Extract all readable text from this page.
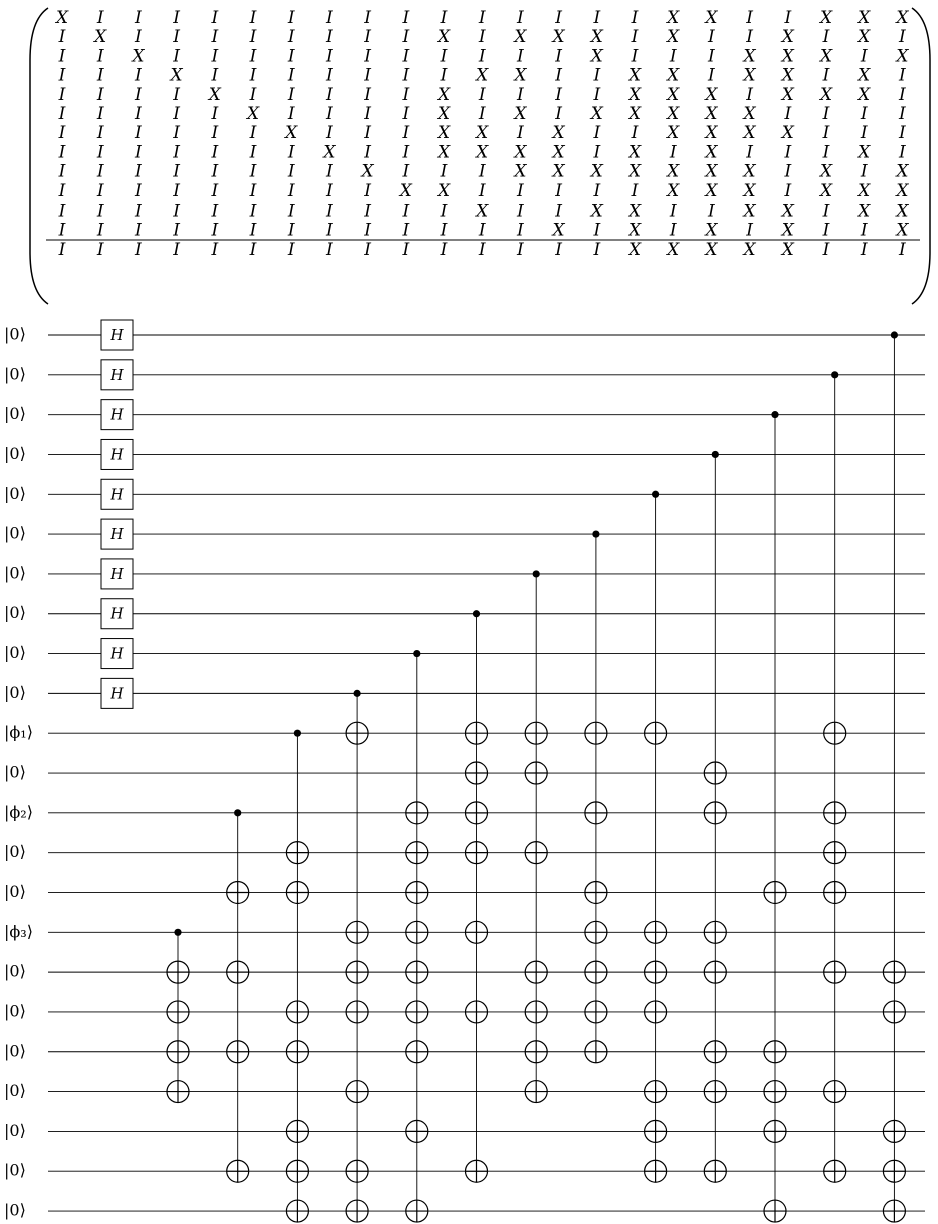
X I I I I I I I I I I I I I I I X X I I X X X
I X I I I I I I I I X I X X X I X I I X I X I
I I X I I I I I I I I I I I X I I I X X X I X
I I I X I I I I I I I X X I I X X I X X I X I
I I I I X I I I I I X I I I I X X X I X X X I
I I I I I X I I I I X I X I X X X X X I I I I
I I I I I I X I I I X X I X I I X X X X I I I
I I I I I I I X I I X X X X I X I X I I I X I
I I I I I I I I X I I I X X X X X X X I X I X
I I I I I I I I I X X I I I I I X X X I X X X
I I I I I I I I I I I X I I X X I I X X I X X
I I I I I I I I I I I I I X I X I X I X I I X
I I I I I I I I I I I I I I I X X X X X I I I
H
H
H
H
H
H
H
H
H
H
|0⟩
|0⟩
|0⟩
|0⟩
|0⟩
|0⟩
|0⟩
|0⟩
|0⟩
|0⟩
|ϕ₁⟩
|0⟩
|ϕ₂⟩
|0⟩
|0⟩
|ϕ₃⟩
|0⟩
|0⟩
|0⟩
|0⟩
|0⟩
|0⟩
|0⟩
